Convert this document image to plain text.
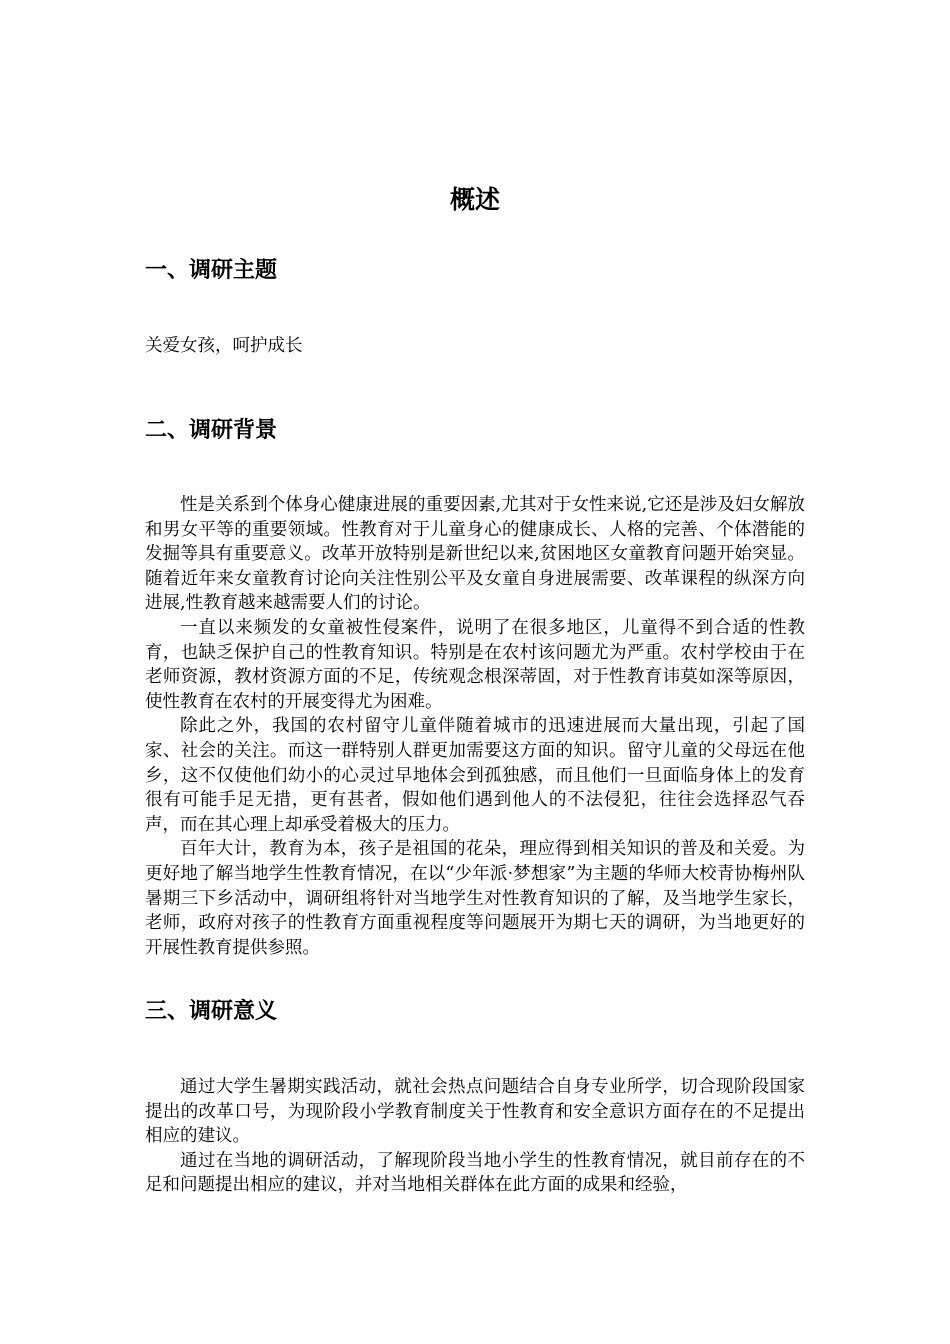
概述
一、调研主题

关爱女孩，呵护成长

二、调研背景

性是关系到个体身心健康进展的重要因素,尤其对于女性来说,它还是涉及妇女解放和男女平等的重要领域。性教育对于儿童身心的健康成长、人格的完善、个体潜能的发掘等具有重要意义。改革开放特别是新世纪以来,贫困地区女童教育问题开始突显。随着近年来女童教育讨论向关注性别公平及女童自身进展需要、改革课程的纵深方向进展,性教育越来越需要人们的讨论。

一直以来频发的女童被性侵案件，说明了在很多地区，儿童得不到合适的性教育，也缺乏保护自己的性教育知识。特别是在农村该问题尤为严重。农村学校由于在老师资源，教材资源方面的不足，传统观念根深蒂固，对于性教育讳莫如深等原因，使性教育在农村的开展变得尤为困难。

除此之外，我国的农村留守儿童伴随着城市的迅速进展而大量出现，引起了国家、社会的关注。而这一群特别人群更加需要这方面的知识。留守儿童的父母远在他乡，这不仅使他们幼小的心灵过早地体会到孤独感，而且他们一旦面临身体上的发育很有可能手足无措，更有甚者，假如他们遇到他人的不法侵犯，往往会选择忍气吞声，而在其心理上却承受着极大的压力。

百年大计，教育为本，孩子是祖国的花朵，理应得到相关知识的普及和关爱。为更好地了解当地学生性教育情况，在以“少年派·梦想家”为主题的华师大校青协梅州队暑期三下乡活动中，调研组将针对当地学生对性教育知识的了解，及当地学生家长，老师，政府对孩子的性教育方面重视程度等问题展开为期七天的调研，为当地更好的开展性教育提供参照。

三、调研意义

通过大学生暑期实践活动，就社会热点问题结合自身专业所学，切合现阶段国家提出的改革口号，为现阶段小学教育制度关于性教育和安全意识方面存在的不足提出相应的建议。

通过在当地的调研活动，了解现阶段当地小学生的性教育情况，就目前存在的不足和问题提出相应的建议，并对当地相关群体在此方面的成果和经验，
